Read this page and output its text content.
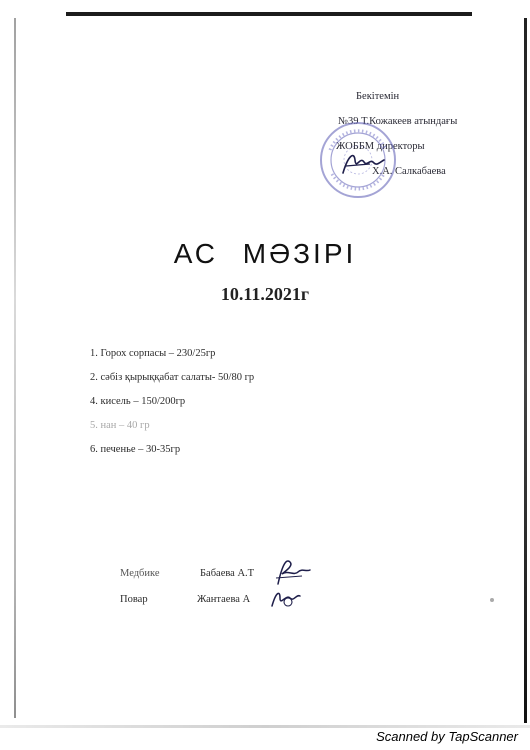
Бекітемін
№39 Т.Кожакеев атындағы
ЖОББМ директоры
Х.А. Салкабаева
АС МӘЗІРІ
10.11.2021г
1. Горох сорпасы – 230/25гр
2. сәбіз қырыққабат салаты- 50/80 гр
4. кисель – 150/200гр
5. нан – 40 гр
6. печенье – 30-35гр
Медбике	Бабаева А.Т
Повар	Жантаева А
Scanned by TapScanner
